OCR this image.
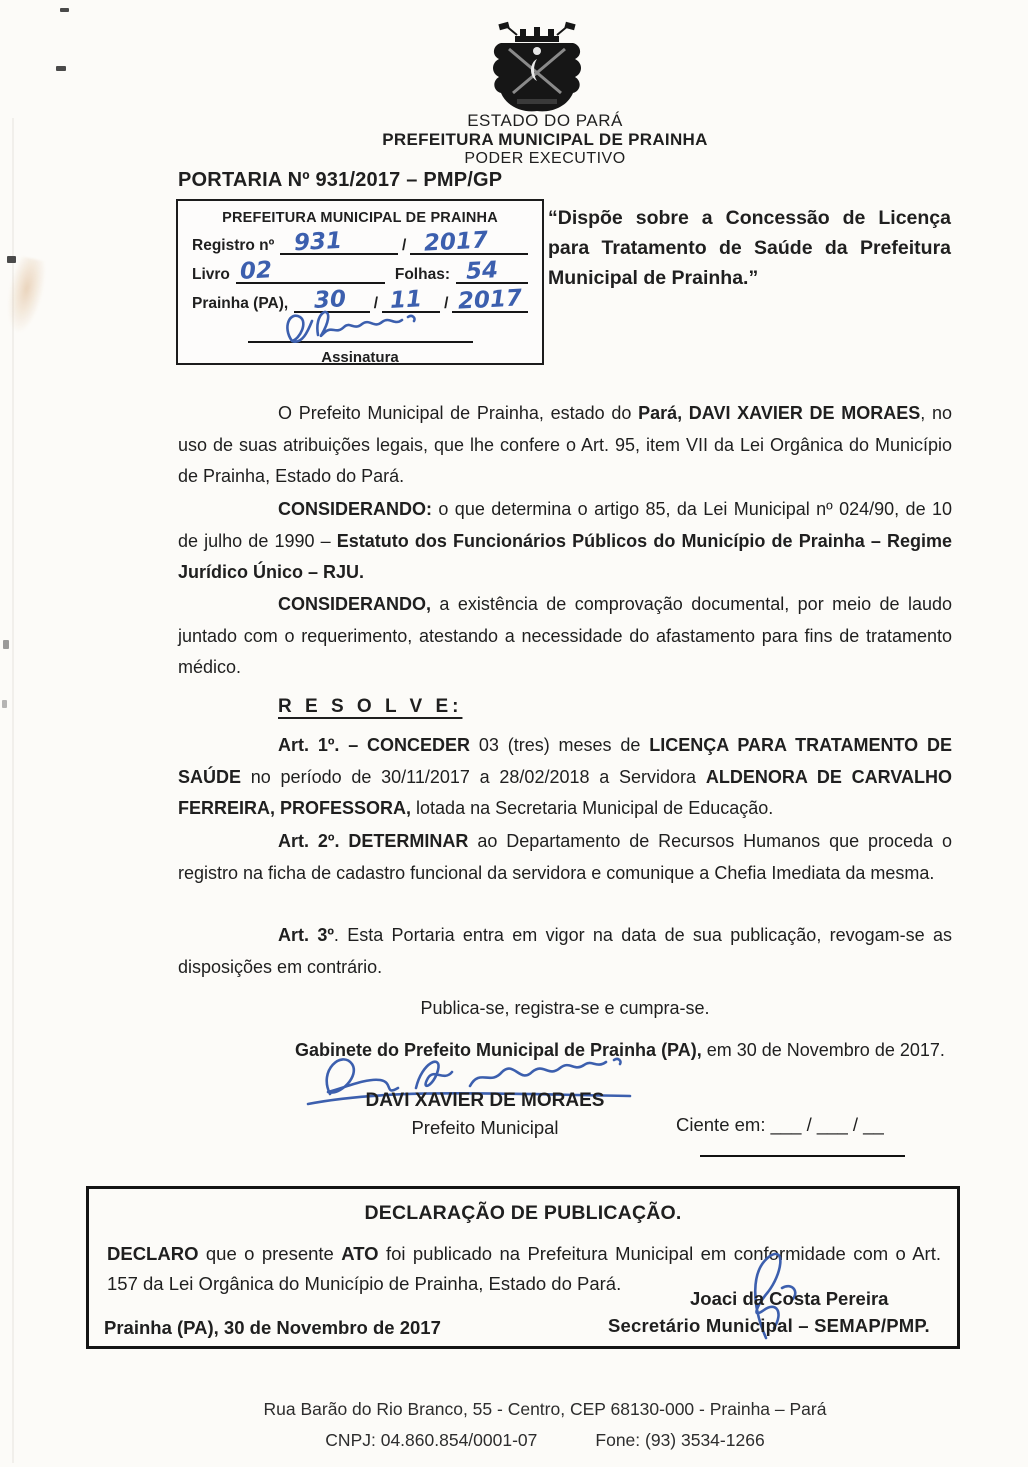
ESTADO DO PARÁ
PREFEITURA MUNICIPAL DE PRAINHA
PODER EXECUTIVO
PORTARIA Nº 931/2017 – PMP/GP
PREFEITURA MUNICIPAL DE PRAINHA
Registro nº 931	/ 2017
Livro 02	Folhas: 54
Prainha (PA), 30 / 11 / 2017
Assinatura
“Dispõe sobre a Concessão de Licença para Tratamento de Saúde da Prefeitura Municipal de Prainha.”

O Prefeito Municipal de Prainha, estado do Pará, DAVI XAVIER DE MORAES, no uso de suas atribuições legais, que lhe confere o Art. 95, item VII da Lei Orgânica do Município de Prainha, Estado do Pará.

CONSIDERANDO: o que determina o artigo 85, da Lei Municipal nº 024/90, de 10 de julho de 1990 – Estatuto dos Funcionários Públicos do Município de Prainha – Regime Jurídico Único – RJU.

CONSIDERANDO, a existência de comprovação documental, por meio de laudo juntado com o requerimento, atestando a necessidade do afastamento para fins de tratamento médico.

R E S O L V E:

Art. 1º. – CONCEDER 03 (tres) meses de LICENÇA PARA TRATAMENTO DE SAÚDE no período de 30/11/2017 a 28/02/2018 a Servidora ALDENORA DE CARVALHO FERREIRA, PROFESSORA, lotada na Secretaria Municipal de Educação.

Art. 2º. DETERMINAR ao Departamento de Recursos Humanos que proceda o registro na ficha de cadastro funcional da servidora e comunique a Chefia Imediata da mesma.

Art. 3º. Esta Portaria entra em vigor na data de sua publicação, revogam-se as disposições em contrário.

Publica-se, registra-se e cumpra-se.

Gabinete do Prefeito Municipal de Prainha (PA), em 30 de Novembro de 2017.

DAVI XAVIER DE MORAES
Prefeito Municipal	Ciente em: ___ / ___ / __
DECLARAÇÃO DE PUBLICAÇÃO.
DECLARO que o presente ATO foi publicado na Prefeitura Municipal em conformidade com o Art. 157 da Lei Orgânica do Município de Prainha, Estado do Pará.
Joaci da Costa Pereira
Secretário Municipal – SEMAP/PMP.
Prainha (PA), 30 de Novembro de 2017
Rua Barão do Rio Branco, 55 - Centro, CEP 68130-000 - Prainha – Pará
CNPJ: 04.860.854/0001-07	Fone: (93) 3534-1266
